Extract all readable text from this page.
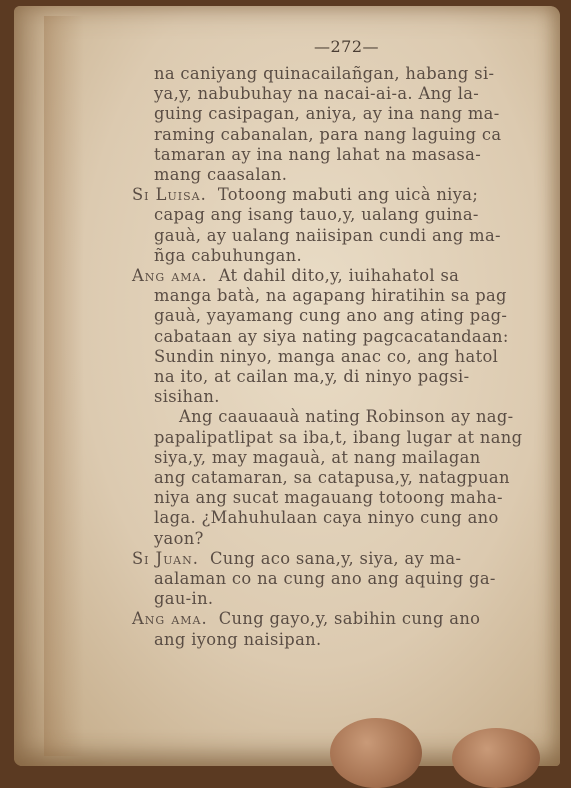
—272—
na caniyang quinacailañgan, habang si-
ya,y, nabubuhay na nacai-ai-a. Ang la-
guing casipagan, aniya, ay ina nang ma-
raming cabanalan, para nang laguing ca
tamaran ay ina nang lahat na masasa-
mang caasalan.
Si Luisa. Totoong mabuti ang uicà niya;
capag ang isang tauo,y, ualang guina-
gauà, ay ualang naiisipan cundi ang ma-
ñga cabuhungan.
Ang ama. At dahil dito,y, iuihahatol sa
manga batà, na agapang hiratihin sa pag
gauà, yayamang cung ano ang ating pag-
cabataan ay siya nating pagcacatandaan:
Sundin ninyo, manga anac co, ang hatol
na ito, at cailan ma,y, di ninyo pagsi-
sisihan.
Ang caauaauà nating Robinson ay nag-
papalipatlipat sa iba,t, ibang lugar at nang
siya,y, may magauà, at nang mailagan
ang catamaran, sa catapusa,y, natagpuan
niya ang sucat magauang totoong maha-
laga. ¿Mahuhulaan caya ninyo cung ano
yaon?
Si Juan. Cung aco sana,y, siya, ay ma-
aalaman co na cung ano ang aquing ga-
gau-in.
Ang ama. Cung gayo,y, sabihin cung ano
ang iyong naisipan.
